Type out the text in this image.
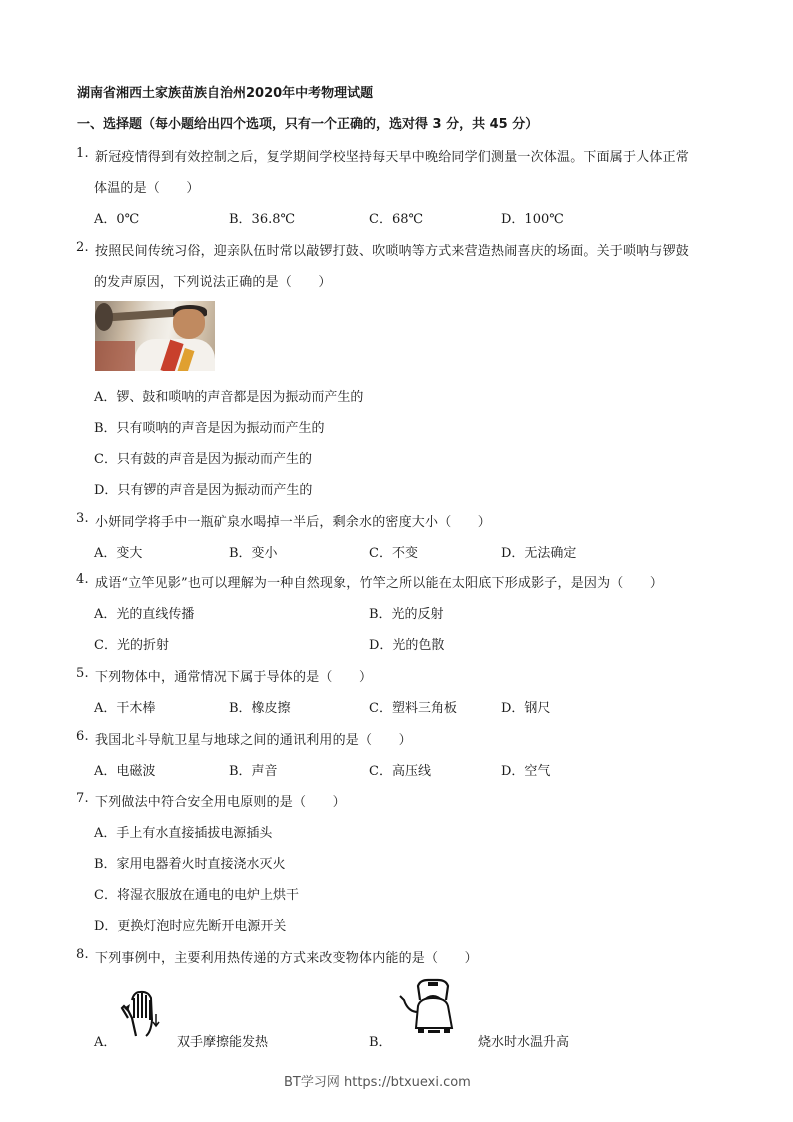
湖南省湘西土家族苗族自治州2020年中考物理试题
一、选择题（每小题给出四个选项，只有一个正确的，选对得 3 分，共 45 分）
1. 新冠疫情得到有效控制之后，复学期间学校坚持每天早中晚给同学们测量一次体温。下面属于人体正常
体温的是（　　）
A．0℃	B．36.8℃	C．68℃	D．100℃
2. 按照民间传统习俗，迎亲队伍时常以敲锣打鼓、吹唢呐等方式来营造热闹喜庆的场面。关于唢呐与锣鼓
的发声原因，下列说法正确的是（　　）
A．锣、鼓和唢呐的声音都是因为振动而产生的
B．只有唢呐的声音是因为振动而产生的
C．只有鼓的声音是因为振动而产生的
D．只有锣的声音是因为振动而产生的
3. 小妍同学将手中一瓶矿泉水喝掉一半后，剩余水的密度大小（　　）
A．变大	B．变小	C．不变	D．无法确定
4. 成语“立竿见影”也可以理解为一种自然现象，竹竿之所以能在太阳底下形成影子，是因为（　　）
A．光的直线传播	B．光的反射
C．光的折射	D．光的色散
5. 下列物体中，通常情况下属于导体的是（　　）
A．干木棒	B．橡皮擦	C．塑料三角板	D．钢尺
6. 我国北斗导航卫星与地球之间的通讯利用的是（　　）
A．电磁波	B．声音	C．高压线	D．空气
7. 下列做法中符合安全用电原则的是（　　）
A．手上有水直接插拔电源插头
B．家用电器着火时直接浇水灭火
C．将湿衣服放在通电的电炉上烘干
D．更换灯泡时应先断开电源开关
8. 下列事例中，主要利用热传递的方式来改变物体内能的是（　　）
A．	双手摩擦能发热	B．	烧水时水温升高
BT学习网 https://btxuexi.com
